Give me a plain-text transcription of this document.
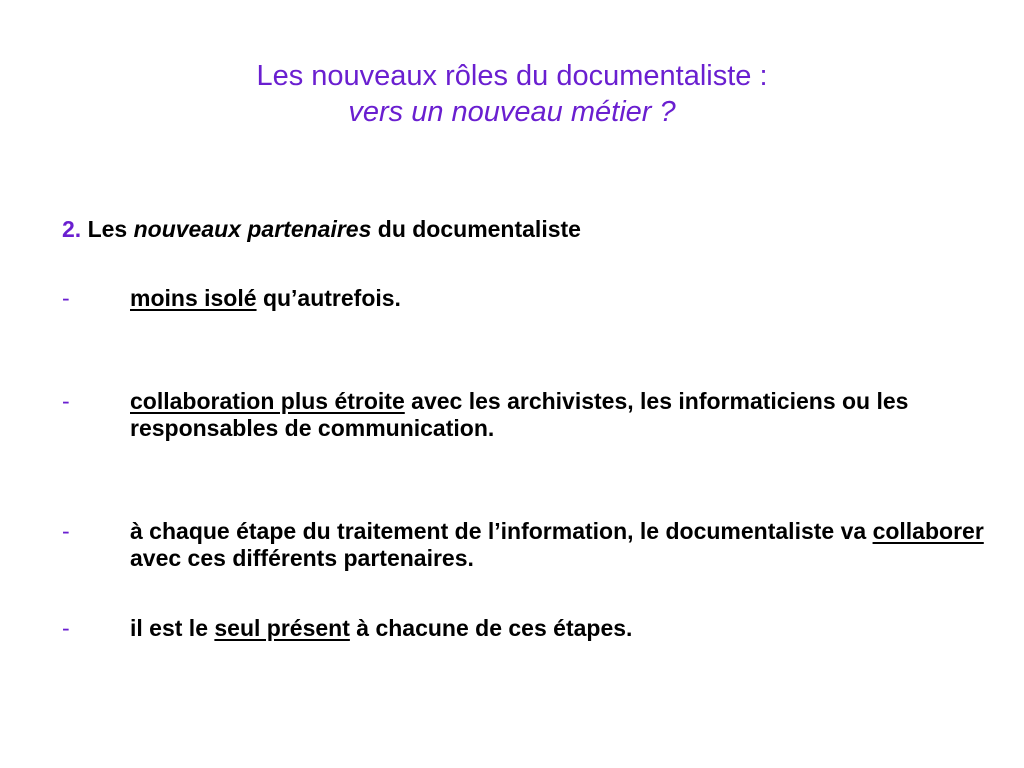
Les nouveaux rôles du documentaliste :
vers un nouveau métier ?
2. Les nouveaux partenaires du documentaliste
-	moins isolé qu’autrefois.
-	collaboration plus étroite avec les archivistes, les informaticiens ou les responsables de communication.
-	à chaque étape du traitement de l’information, le documentaliste va collaborer avec ces différents partenaires.
-	il est le seul présent à chacune de ces étapes.
